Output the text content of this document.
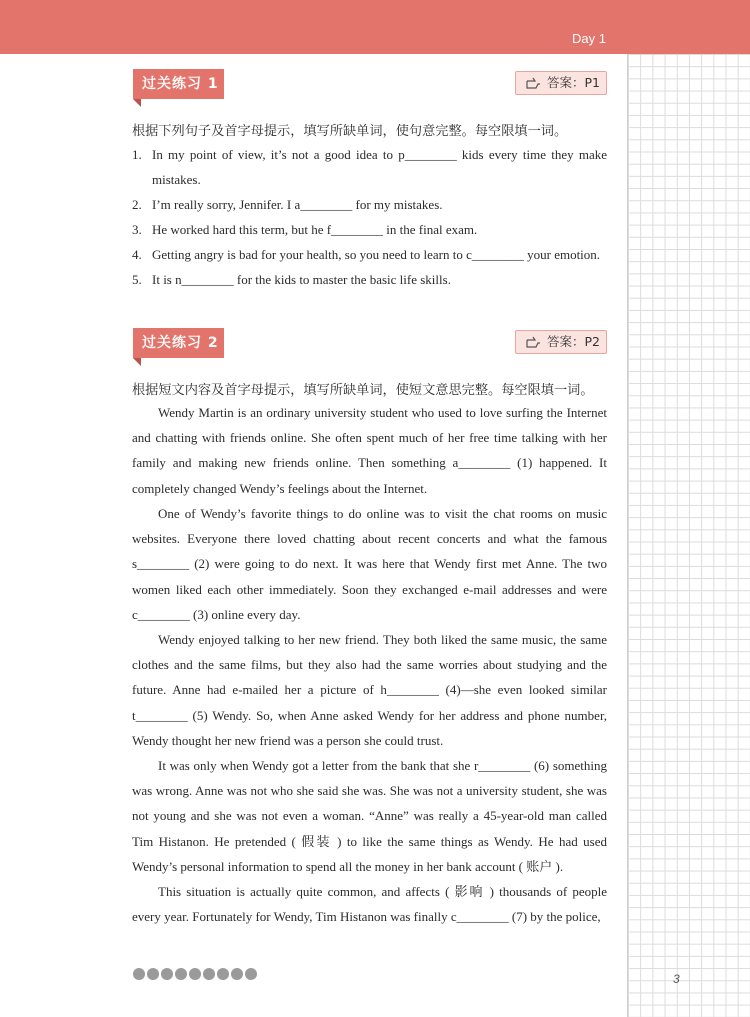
Day 1
过关练习 1	答案：P1
根据下列句子及首字母提示，填写所缺单词，使句意完整。每空限填一词。
1. In my point of view, it’s not a good idea to p________ kids every time they make mistakes.
2. I’m really sorry, Jennifer. I a________ for my mistakes.
3. He worked hard this term, but he f________ in the final exam.
4. Getting angry is bad for your health, so you need to learn to c________ your emotion.
5. It is n________ for the kids to master the basic life skills.
过关练习 2	答案：P2
根据短文内容及首字母提示，填写所缺单词，使短文意思完整。每空限填一词。
Wendy Martin is an ordinary university student who used to love surfing the Internet and chatting with friends online. She often spent much of her free time talking with her family and making new friends online. Then something a________ (1) happened. It completely changed Wendy’s feelings about the Internet.
One of Wendy’s favorite things to do online was to visit the chat rooms on music websites. Everyone there loved chatting about recent concerts and what the famous s________ (2) were going to do next. It was here that Wendy first met Anne. The two women liked each other immediately. Soon they exchanged e-mail addresses and were c________ (3) online every day.
Wendy enjoyed talking to her new friend. They both liked the same music, the same clothes and the same films, but they also had the same worries about studying and the future. Anne had e-mailed her a picture of h________ (4)—she even looked similar t________ (5) Wendy. So, when Anne asked Wendy for her address and phone number, Wendy thought her new friend was a person she could trust.
It was only when Wendy got a letter from the bank that she r________ (6) something was wrong. Anne was not who she said she was. She was not a university student, she was not young and she was not even a woman. “Anne” was really a 45-year-old man called Tim Histanon. He pretended ( 假装 ) to like the same things as Wendy. He had used Wendy’s personal information to spend all the money in her bank account ( 账户 ).
This situation is actually quite common, and affects ( 影响 ) thousands of people every year. Fortunately for Wendy, Tim Histanon was finally c________ (7) by the police,
3
